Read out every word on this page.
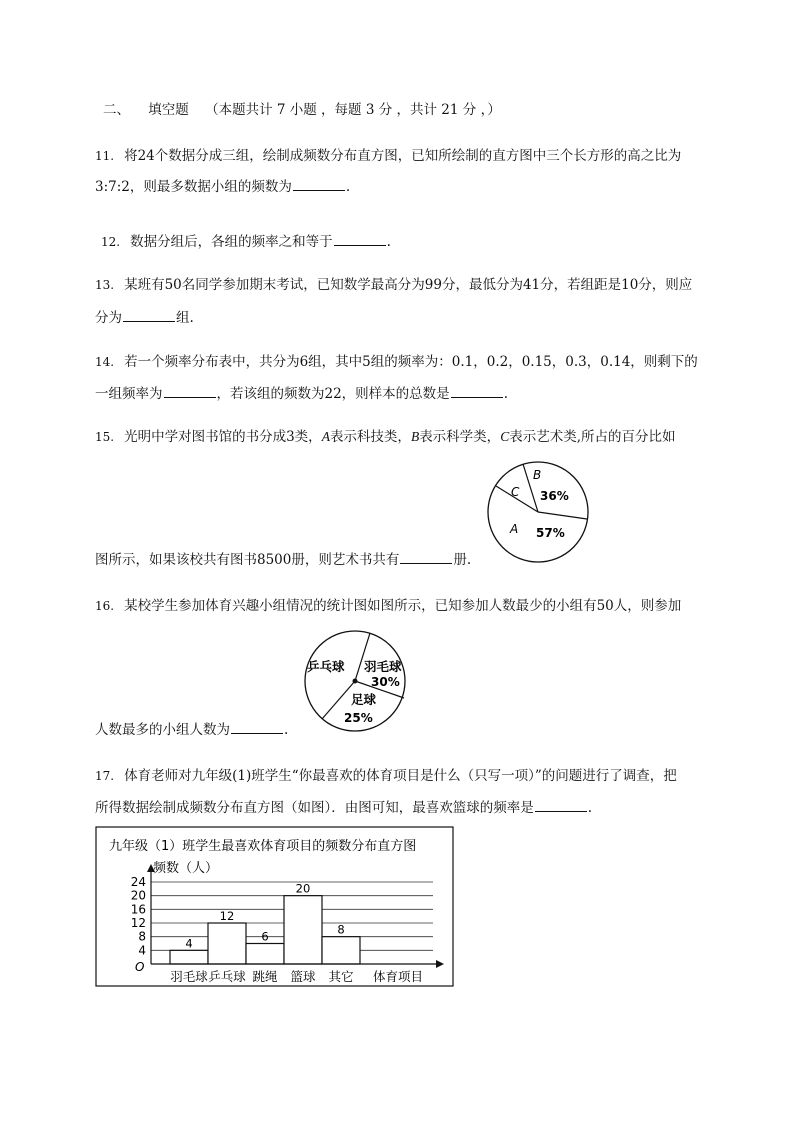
二、 填空题 （本题共计 7 小题 ，每题 3 分 ，共计 21 分 ，）
11. 将24个数据分成三组，绘制成频数分布直方图，已知所绘制的直方图中三个长方形的高之比为
3:7:2，则最多数据小组的频数为	.
12. 数据分组后，各组的频率之和等于	.
13. 某班有50名同学参加期末考试，已知数学最高分为99分，最低分为41分，若组距是10分，则应
分为	组.
14. 若一个频率分布表中，共分为6组，其中5组的频率为：0.1，0.2，0.15，0.3，0.14，则剩下的
一组频率为	，若该组的频数为22，则样本的总数是	.
15. 光明中学对图书馆的书分成3类，A表示科技类，B表示科学类，C表示艺术类,所占的百分比如
B
C 36%
A 57%
图所示，如果该校共有图书8500册，则艺术书共有	册.
16. 某校学生参加体育兴趣小组情况的统计图如图所示，已知参加人数最少的小组有50人，则参加
乒乓球 羽毛球
30%
足球
25%
人数最多的小组人数为	.
17. 体育老师对九年级(1)班学生“你最喜欢的体育项目是什么（只写一项）”的问题进行了调查，把
所得数据绘制成频数分布直方图（如图）．由图可知，最喜欢篮球的频率是	.
九年级（1）班学生最喜欢体育项目的频数分布直方图
频数（人）
4
12
6
20
8
O
24
20
16
12
8
4
羽毛球 乒乓球 跳绳 篮球 其它 体育项目
